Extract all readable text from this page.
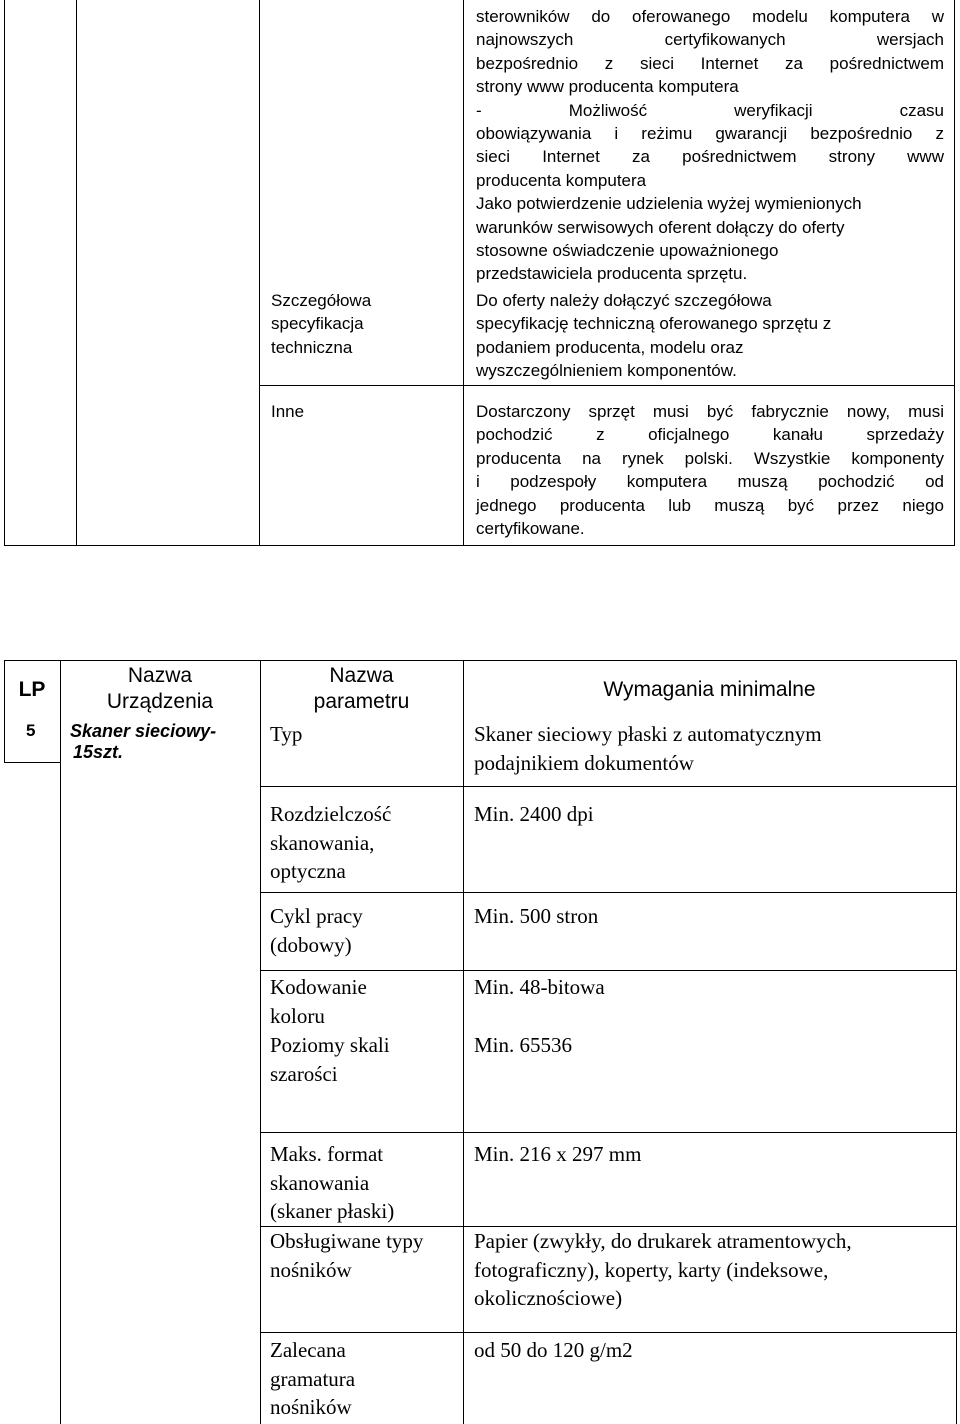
sterowników do oferowanego modelu komputera w
najnowszych certyfikowanych wersjach
bezpośrednio z sieci Internet za pośrednictwem
strony www producenta komputera
- Możliwość weryfikacji czasu
obowiązywania i reżimu gwarancji bezpośrednio z
sieci Internet za pośrednictwem strony www
producenta komputera
Jako potwierdzenie udzielenia wyżej wymienionych
warunków serwisowych oferent dołączy do oferty
stosowne oświadczenie upoważnionego
przedstawiciela producenta sprzętu.
Szczegółowa
specyfikacja
techniczna
Do oferty należy dołączyć szczegółowa
specyfikację techniczną oferowanego sprzętu z
podaniem producenta, modelu oraz
wyszczególnieniem komponentów.
Inne	Dostarczony sprzęt musi być fabrycznie nowy, musi
pochodzić z oficjalnego kanału sprzedaży
producenta na rynek polski. Wszystkie komponenty
i podzespoły komputera muszą pochodzić od
jednego producenta lub muszą być przez niego
certyfikowane.
LP
Nazwa
Urządzenia
Nazwa
parametru
Wymagania minimalne
5 Skaner sieciowy-
15szt.
Typ	Skaner sieciowy płaski z automatycznym
podajnikiem dokumentów
Rozdzielczość
skanowania,
optyczna
Min. 2400 dpi
Cykl pracy
(dobowy)
Min. 500 stron
Kodowanie
koloru
Min. 48-bitowa
Poziomy skali
szarości
Min. 65536
Maks. format
skanowania
(skaner płaski)
Min. 216 x 297 mm
Obsługiwane typy
nośników
Papier (zwykły, do drukarek atramentowych,
fotograficzny), koperty, karty (indeksowe,
okolicznościowe)
Zalecana
gramatura
nośników
od 50 do 120 g/m2
